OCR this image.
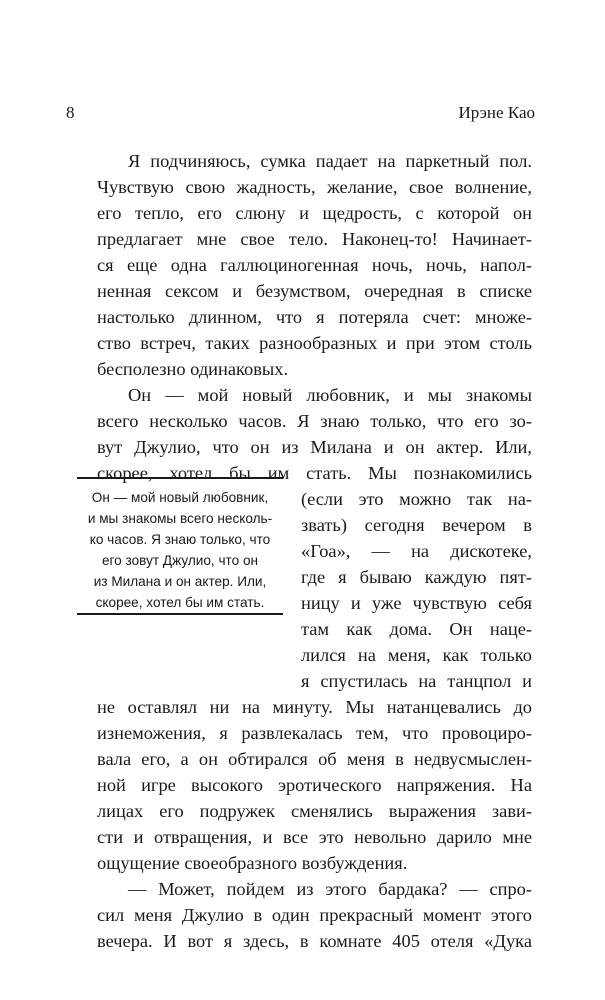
8	Ирэне Као
Я подчиняюсь, сумка падает на паркетный пол.
Чувствую свою жадность, желание, свое волнение,
его тепло, его слюну и щедрость, с которой он
предлагает мне свое тело. Наконец-то! Начинает-
ся еще одна галлюциногенная ночь, ночь, напол-
ненная сексом и безумством, очередная в списке
настолько длинном, что я потеряла счет: множе-
ство встреч, таких разнообразных и при этом столь
бесполезно одинаковых.
Он — мой новый любовник, и мы знакомы
всего несколько часов. Я знаю только, что его зо-
вут Джулио, что он из Милана и он актер. Или,
скорее, хотел бы им стать. Мы познакомились
(если это можно так на-
звать) сегодня вечером в
«Гоа», — на дискотеке,
где я бываю каждую пят-
ницу и уже чувствую себя
там как дома. Он наце-
лился на меня, как только
я спустилась на танцпол и
не оставлял ни на минуту. Мы натанцевались до
изнеможения, я развлекалась тем, что провоциро-
вала его, а он обтирался об меня в недвусмыслен-
ной игре высокого эротического напряжения. На
лицах его подружек сменялись выражения зави-
сти и отвращения, и все это невольно дарило мне
ощущение своеобразного возбуждения.
— Может, пойдем из этого бардака? — спро-
сил меня Джулио в один прекрасный момент этого
вечера. И вот я здесь, в комнате 405 отеля «Дука
Он — мой новый любовник,
и мы знакомы всего несколь-
ко часов. Я знаю только, что
его зовут Джулио, что он
из Милана и он актер. Или,
скорее, хотел бы им стать.
